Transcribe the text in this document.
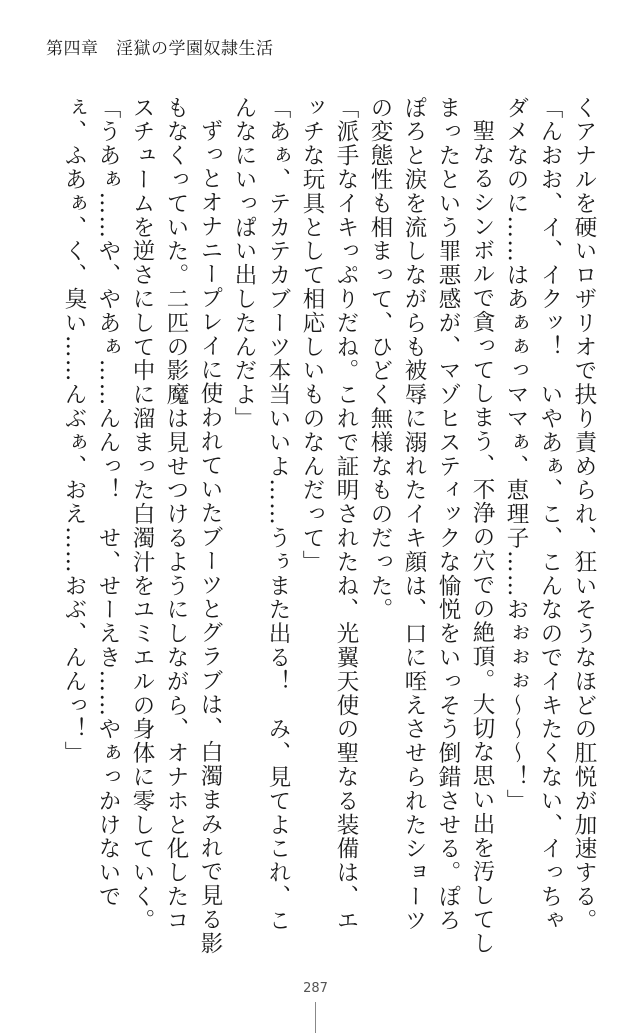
第四章　淫獄の学園奴隷生活

くアナルを硬いロザリオで抉り責められ、狂いそうなほどの肛悦が加速する。

「んおお、イ、イクッ！　いやあぁ、こ、こんなのでイキたくない、イっちゃダメなのに……はあぁぁっママぁ、恵理子……おぉぉぉ～～～！」

聖なるシンボルで貪ってしまう、不浄の穴での絶頂。大切な思い出を汚してしまったという罪悪感が、マゾヒスティックな愉悦をいっそう倒錯させる。ぽろぽろと涙を流しながらも被辱に溺れたイキ顔は、口に咥えさせられたショーツの変態性も相まって、ひどく無様なものだった。

「派手なイキっぷりだね。これで証明されたね、光翼天使の聖なる装備は、エッチな玩具として相応しいものなんだって」

「あぁ、テカテカブーツ本当いいよ……うぅまた出る！　み、見てよこれ、こんなにいっぱい出したんだよ」

ずっとオナニープレイに使われていたブーツとグラブは、白濁まみれで見る影もなくっていた。二匹の影魔は見せつけるようにしながら、オナホと化したコスチュームを逆さにして中に溜まった白濁汁をユミエルの身体に零していく。

「うあぁ……や、やあぁ……んんっ！　せ、せーえき……やぁっかけないでぇ、ふあぁ、く、臭い……んぶぁ、おえ……おぶ、んんっ！」

287
